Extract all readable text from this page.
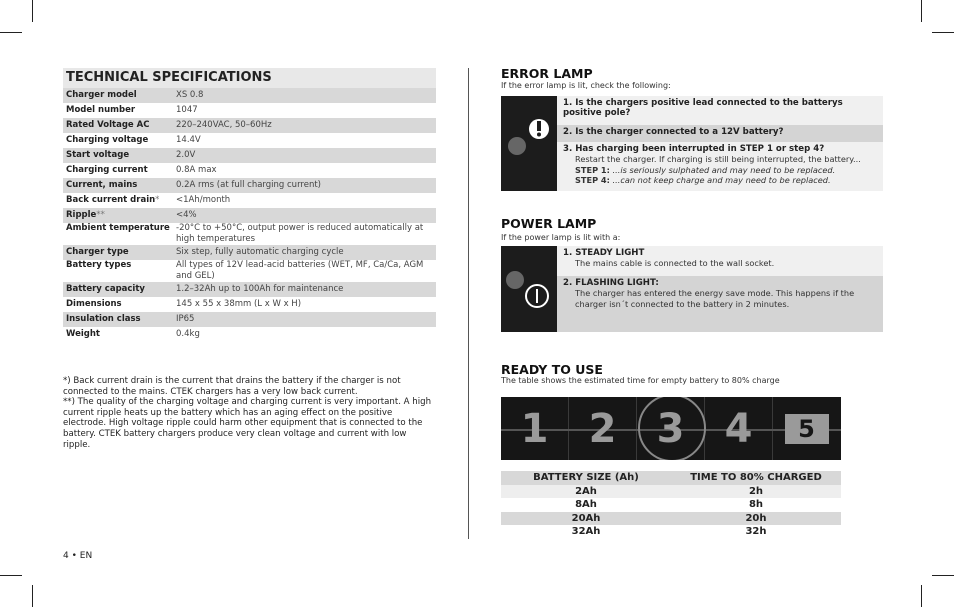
TECHNICAL SPECIFICATIONS
Charger model	XS 0.8
Model number	1047
Rated Voltage AC	220–240VAC, 50–60Hz
Charging voltage	14.4V
Start voltage	2.0V
Charging current	0.8A max
Current, mains	0.2A rms (at full charging current)
Back current drain*	<1Ah/month
Ripple**	<4%
Ambient temperature -20°C to +50°C, output power is reduced automatically at high temperatures
Charger type	Six step, fully automatic charging cycle
Battery types	All types of 12V lead-acid batteries (WET, MF, Ca/Ca, AGM and GEL)
Battery capacity	1.2–32Ah up to 100Ah for maintenance
Dimensions	145 x 55 x 38mm (L x W x H)
Insulation class	IP65
Weight	0.4kg

*) Back current drain is the current that drains the battery if the charger is not connected to the mains. CTEK chargers has a very low back current.

**) The quality of the charging voltage and charging current is very important. A high current ripple heats up the battery which has an aging effect on the positive electrode. High voltage ripple could harm other equipment that is connected to the battery. CTEK battery chargers produce very clean voltage and current with low ripple.

4 • EN
ERROR LAMP
If the error lamp is lit, check the following:
1. Is the chargers positive lead connected to the batterys positive pole?
2. Is the charger connected to a 12V battery?
3. Has charging been interrupted in STEP 1 or step 4?
Restart the charger. If charging is still being interrupted, the battery...
STEP 1: ...is seriously sulphated and may need to be replaced.
STEP 4: ...can not keep charge and may need to be replaced.
POWER LAMP
If the power lamp is lit with a:
1. STEADY LIGHT
The mains cable is connected to the wall socket.
2. FLASHING LIGHT:
The charger has entered the energy save mode. This happens if the charger isn´t connected to the battery in 2 minutes.
READY TO USE
The table shows the estimated time for empty battery to 80% charge
1 2 3 4 5
BATTERY SIZE (Ah)	TIME TO 80% CHARGED
2Ah	2h
8Ah	8h
20Ah	20h
32Ah	32h
